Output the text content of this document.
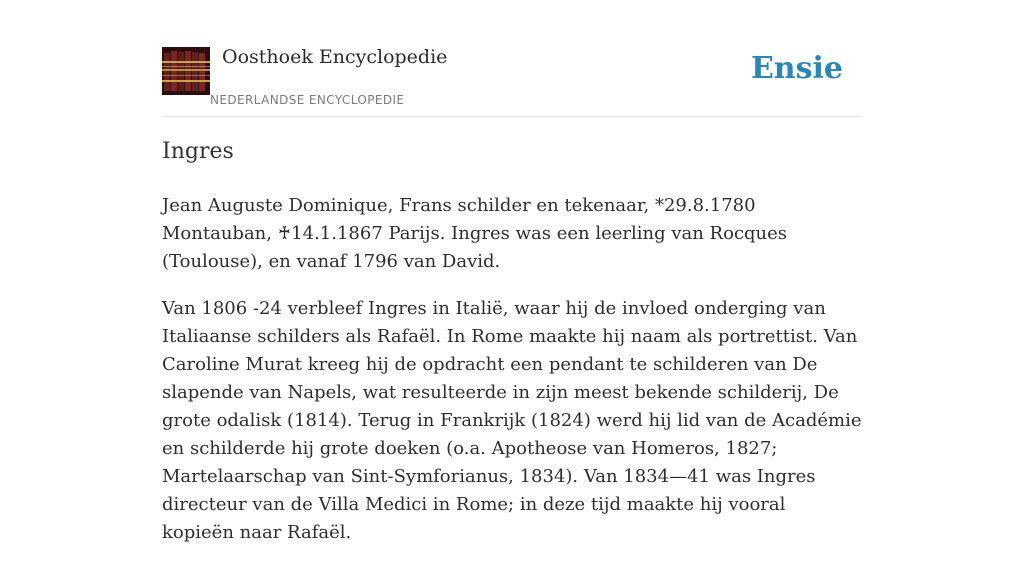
Oosthoek Encyclopedie
NEDERLANDSE ENCYCLOPEDIE
Ensie
Ingres

Jean Auguste Dominique, Frans schilder en tekenaar, *29.8.1780 Montauban, ♰14.1.1867 Parijs. Ingres was een leerling van Rocques (Toulouse), en vanaf 1796 van David.

Van 1806 -24 verbleef Ingres in Italië, waar hij de invloed onderging van Italiaanse schilders als Rafaël. In Rome maakte hij naam als portrettist. Van Caroline Murat kreeg hij de opdracht een pendant te schilderen van De slapende van Napels, wat resulteerde in zijn meest bekende schilderij, De grote odalisk (1814). Terug in Frankrijk (1824) werd hij lid van de Académie en schilderde hij grote doeken (o.a. Apotheose van Homeros, 1827; Martelaarschap van Sint-Symforianus, 1834). Van 1834—41 was Ingres directeur van de Villa Medici in Rome; in deze tijd maakte hij vooral kopieën naar Rafaël.
